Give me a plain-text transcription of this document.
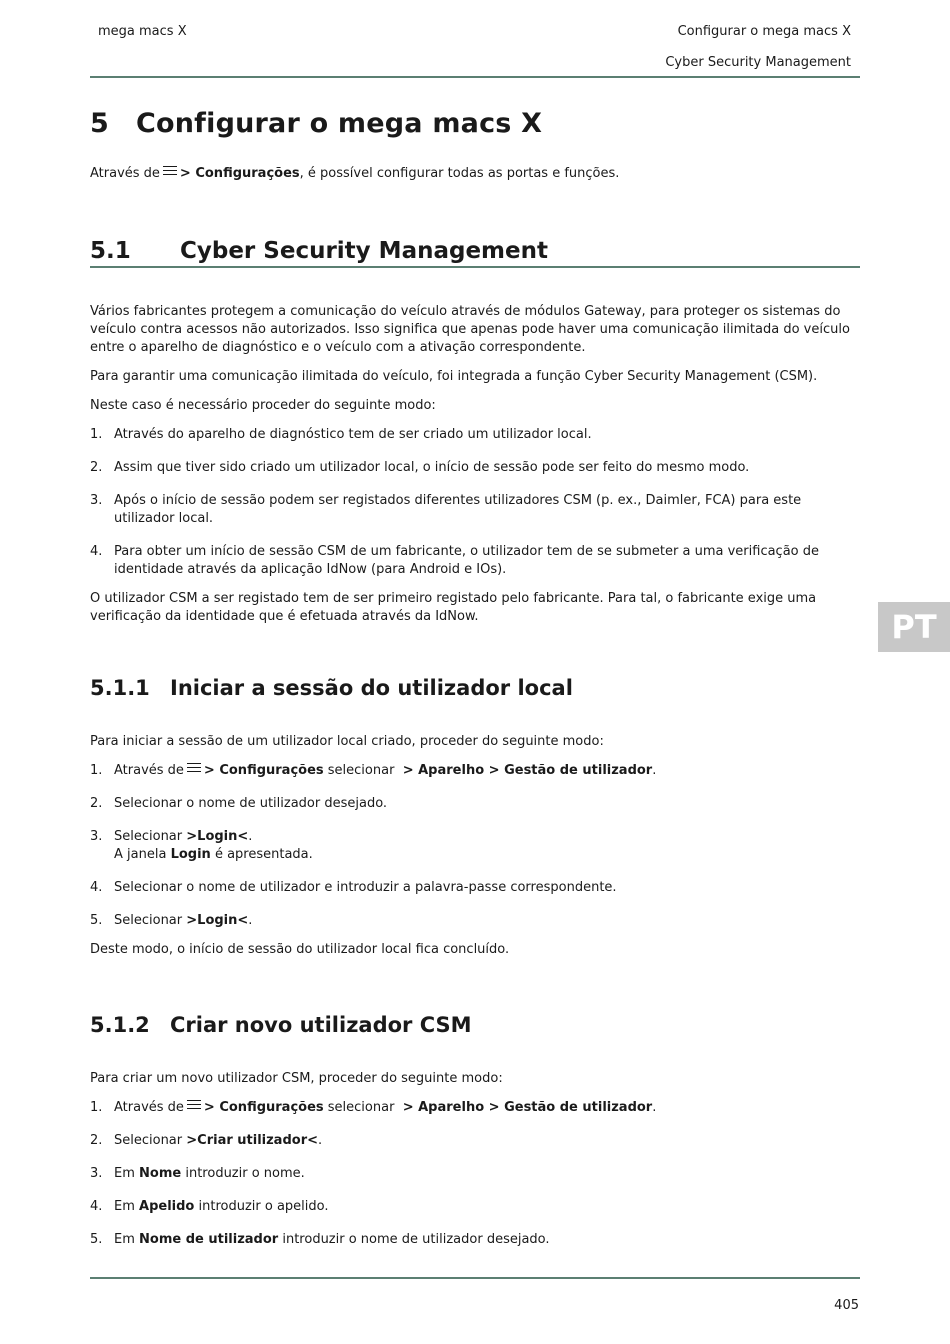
mega macs X	Configurar o mega macs X
Cyber Security Management
5 Configurar o mega macs X
Através de > Configurações, é possível configurar todas as portas e funções.
5.1 Cyber Security Management

Vários fabricantes protegem a comunicação do veículo através de módulos Gateway, para proteger os sistemas do veículo contra acessos não autorizados. Isso significa que apenas pode haver uma comunicação ilimitada do veículo entre o aparelho de diagnóstico e o veículo com a ativação correspondente.

Para garantir uma comunicação ilimitada do veículo, foi integrada a função Cyber Security Management (CSM).

Neste caso é necessário proceder do seguinte modo:

1. Através do aparelho de diagnóstico tem de ser criado um utilizador local.
2. Assim que tiver sido criado um utilizador local, o início de sessão pode ser feito do mesmo modo.
3. Após o início de sessão podem ser registados diferentes utilizadores CSM (p. ex., Daimler, FCA) para este utilizador local.
4. Para obter um início de sessão CSM de um fabricante, o utilizador tem de se submeter a uma verificação de identidade através da aplicação IdNow (para Android e IOs).

O utilizador CSM a ser registado tem de ser primeiro registado pelo fabricante. Para tal, o fabricante exige uma verificação da identidade que é efetuada através da IdNow.

5.1.1 Iniciar a sessão do utilizador local

Para iniciar a sessão de um utilizador local criado, proceder do seguinte modo:

1. Através de > Configurações selecionar > Aparelho > Gestão de utilizador.
2. Selecionar o nome de utilizador desejado.
3. Selecionar >Login<.
A janela Login é apresentada.
4. Selecionar o nome de utilizador e introduzir a palavra-passe correspondente.
5. Selecionar >Login<.

Deste modo, o início de sessão do utilizador local fica concluído.

5.1.2 Criar novo utilizador CSM

Para criar um novo utilizador CSM, proceder do seguinte modo:

1. Através de > Configurações selecionar > Aparelho > Gestão de utilizador.
2. Selecionar >Criar utilizador<.
3. Em Nome introduzir o nome.
4. Em Apelido introduzir o apelido.
5. Em Nome de utilizador introduzir o nome de utilizador desejado.
PT
405
